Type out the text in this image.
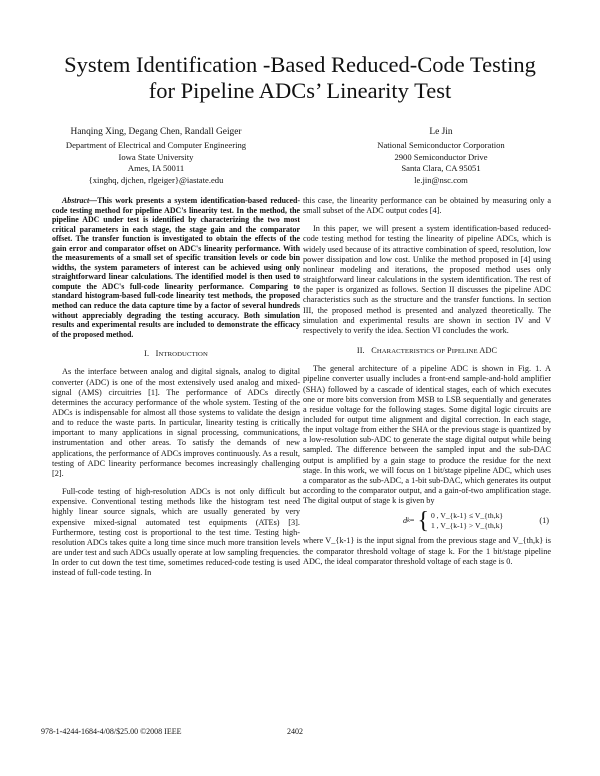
System Identification -Based Reduced-Code Testing
for Pipeline ADCs’ Linearity Test
Hanqing Xing, Degang Chen, Randall Geiger
Department of Electrical and Computer Engineering
Iowa State University
Ames, IA 50011
{xinghq, djchen, rlgeiger}@iastate.edu
Le Jin
National Semiconductor Corporation
2900 Semiconductor Drive
Santa Clara, CA 95051
le.jin@nsc.com

Abstract—This work presents a system identification-based reduced-code testing method for pipeline ADC's linearity test. In the method, the pipeline ADC under test is identified by characterizing the two most critical parameters in each stage, the stage gain and the comparator offset. The transfer function is investigated to obtain the effects of the gain error and comparator offset on ADC's linearity performance. With the measurements of a small set of specific transition levels or code bin widths, the system parameters of interest can be achieved using only straightforward linear calculations. The identified model is then used to compute the ADC's full-code linearity performance. Comparing to standard histogram-based full-code linearity test methods, the proposed method can reduce the data capture time by a factor of several hundreds without appreciably degrading the testing accuracy. Both simulation results and experimental results are included to demonstrate the efficacy of the proposed method.

I. INTRODUCTION

As the interface between analog and digital signals, analog to digital converter (ADC) is one of the most extensively used analog and mixed-signal (AMS) circuitries [1]. The performance of ADCs directly determines the accuracy performance of the whole system. Testing of the ADCs is indispensable for almost all those systems to validate the design and to reduce the waste parts. In particular, linearity testing is critically important to many applications in signal processing, communications, instrumentation and other areas. To satisfy the demands of new applications, the performance of ADCs improves continuously. As a result, testing of ADC linearity performance becomes increasingly challenging [2].

Full-code testing of high-resolution ADCs is not only difficult but expensive. Conventional testing methods like the histogram test need highly linear source signals, which are usually generated by very expensive mixed-signal automated test equipments (ATEs) [3]. Furthermore, testing cost is proportional to the test time. Testing high-resolution ADCs takes quite a long time since much more transition levels are under test and such ADCs usually operate at low sampling frequencies. In order to cut down the test time, sometimes reduced-code testing is used instead of full-code testing. In

this case, the linearity performance can be obtained by measuring only a small subset of the ADC output codes [4].

In this paper, we will present a system identification-based reduced-code testing method for testing the linearity of pipeline ADCs, which is widely used because of its attractive combination of speed, resolution, low power dissipation and low cost. Unlike the method proposed in [4] using nonlinear modeling and iterations, the proposed method uses only straightforward linear calculations in the system identification. The rest of the paper is organized as follows. Section II discusses the pipeline ADC characteristics such as the structure and the transfer functions. In section III, the proposed method is presented and analyzed theoretically. The simulation and experimental results are shown in section IV and V respectively to verify the idea. Section VI concludes the work.

II. CHARACTERISTICS OF PIPELINE ADC

The general architecture of a pipeline ADC is shown in Fig. 1. A pipeline converter usually includes a front-end sample-and-hold amplifier (SHA) followed by a cascade of identical stages, each of which executes one or more bits conversion from MSB to LSB sequentially and generates a residue voltage for the following stages. Some digital logic circuits are included for output time alignment and digital correction. In each stage, the input voltage from either the SHA or the previous stage is quantized by a low-resolution sub-ADC to generate the stage digital output while being sampled. The difference between the sampled input and the sub-DAC output is amplified by a gain stage to produce the residue for the next stage. In this work, we will focus on 1 bit/stage pipeline ADC, which uses a comparator as the sub-ADC, a 1-bit sub-DAC, which generates its output according to the comparator output, and a gain-of-two amplification stage. The digital output of stage k is given by

d k = { 0 , V_{k-1} ≤ V_{th,k}
1 , V_{k-1} > V_{th,k}
(1)

where V_{k-1} is the input signal from the previous stage and V_{th,k} is the comparator threshold voltage of stage k. For the 1 bit/stage pipeline ADC, the ideal comparator threshold voltage of each stage is 0.

978-1-4244-1684-4/08/$25.00 ©2008 IEEE	2402
